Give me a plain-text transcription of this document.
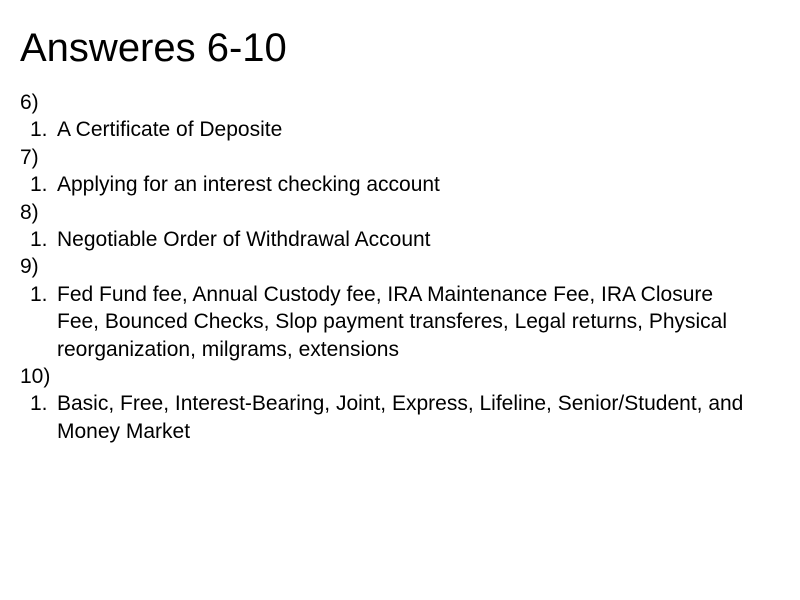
Answeres 6-10
6)
1. A Certificate of Deposite
7)
1. Applying for an interest checking account
8)
1. Negotiable Order of Withdrawal Account
9)
1. Fed Fund fee, Annual Custody fee, IRA Maintenance Fee, IRA Closure Fee, Bounced Checks, Slop payment transferes, Legal returns, Physical reorganization, milgrams, extensions
10)
1. Basic, Free, Interest-Bearing, Joint, Express, Lifeline, Senior/Student, and Money Market
